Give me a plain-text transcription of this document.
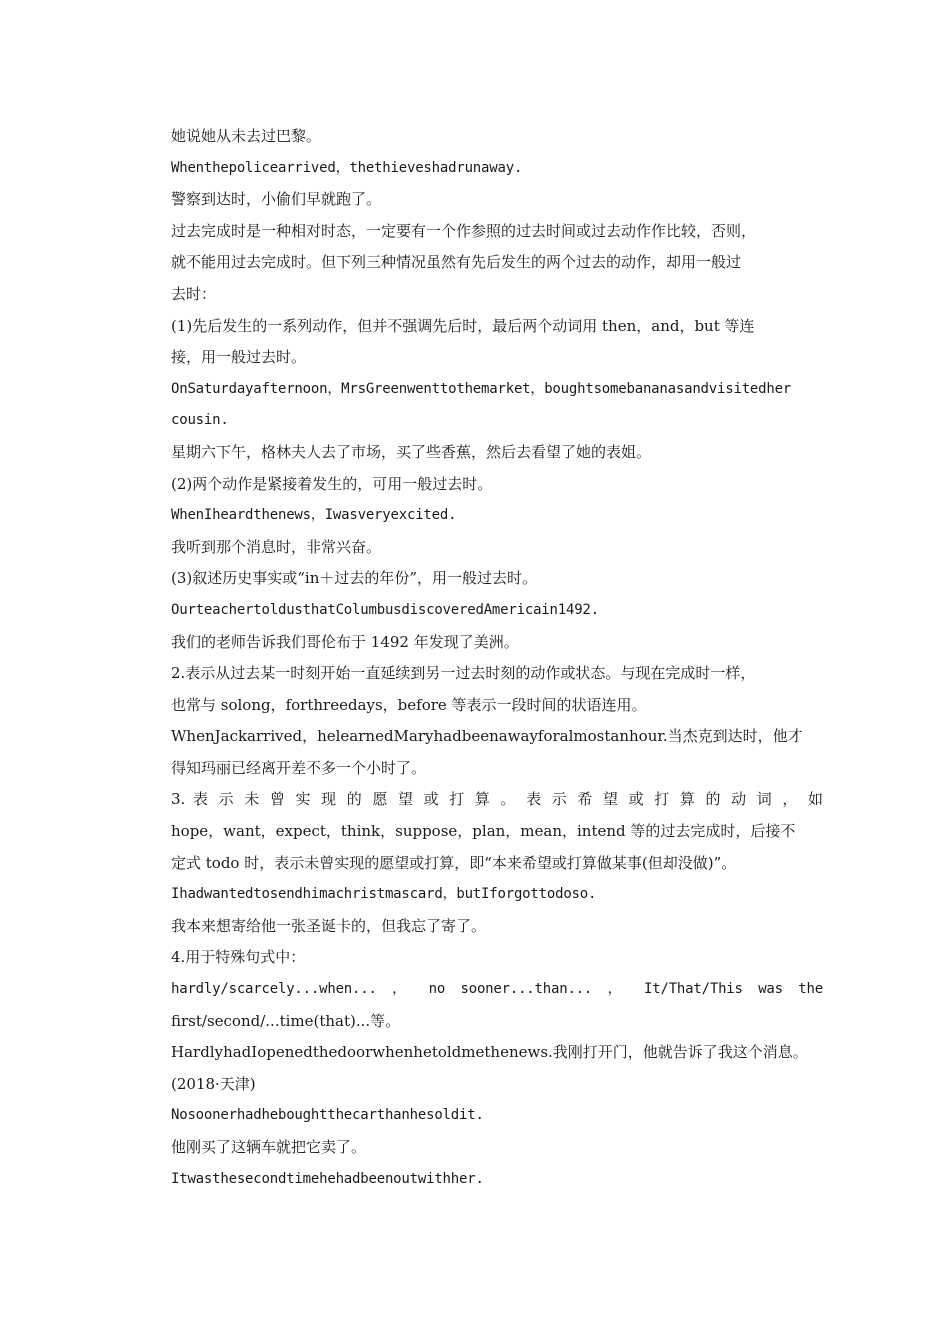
她说她从未去过巴黎。
Whenthepolicearrived，thethieveshadrunaway.
警察到达时，小偷们早就跑了。
过去完成时是一种相对时态，一定要有一个作参照的过去时间或过去动作作比较，否则，
就不能用过去完成时。但下列三种情况虽然有先后发生的两个过去的动作，却用一般过
去时：
(1)先后发生的一系列动作，但并不强调先后时，最后两个动词用 then，and，but 等连
接，用一般过去时。
OnSaturdayafternoon，MrsGreenwenttothemarket，boughtsomebananasandvisitedher
cousin.
星期六下午，格林夫人去了市场，买了些香蕉，然后去看望了她的表姐。
(2)两个动作是紧接着发生的，可用一般过去时。
WhenIheardthenews，Iwasveryexcited.
我听到那个消息时，非常兴奋。
(3)叙述历史事实或“in＋过去的年份”，用一般过去时。
OurteachertoldusthatColumbusdiscoveredAmericain1492.
我们的老师告诉我们哥伦布于 1492 年发现了美洲。
2.表示从过去某一时刻开始一直延续到另一过去时刻的动作或状态。与现在完成时一样，
也常与 solong，forthreedays，before 等表示一段时间的状语连用。
WhenJackarrived，helearnedMaryhadbeenawayforalmostanhour.当杰克到达时，他才
得知玛丽已经离开差不多一个小时了。
3. 表 示 未 曾 实 现 的 愿 望 或 打 算 。 表 示 希 望 或 打 算 的 动 词 ， 如
hope，want，expect，think，suppose，plan，mean，intend 等的过去完成时，后接不
定式 todo 时，表示未曾实现的愿望或打算，即“本来希望或打算做某事(但却没做)”。
Ihadwantedtosendhimachristmascard，butIforgottodoso.
我本来想寄给他一张圣诞卡的，但我忘了寄了。
4.用于特殊句式中：
hardly/scarcely...when... ， no sooner...than... ， It/That/This was the
first/second/...time(that)...等。
HardlyhadIopenedthedoorwhenhetoldmethenews.我刚打开门，他就告诉了我这个消息。
(2018·天津)
Nosoonerhadheboughtthecarthanhesoldit.
他刚买了这辆车就把它卖了。
Itwasthesecondtimehehadbeenoutwithher.
